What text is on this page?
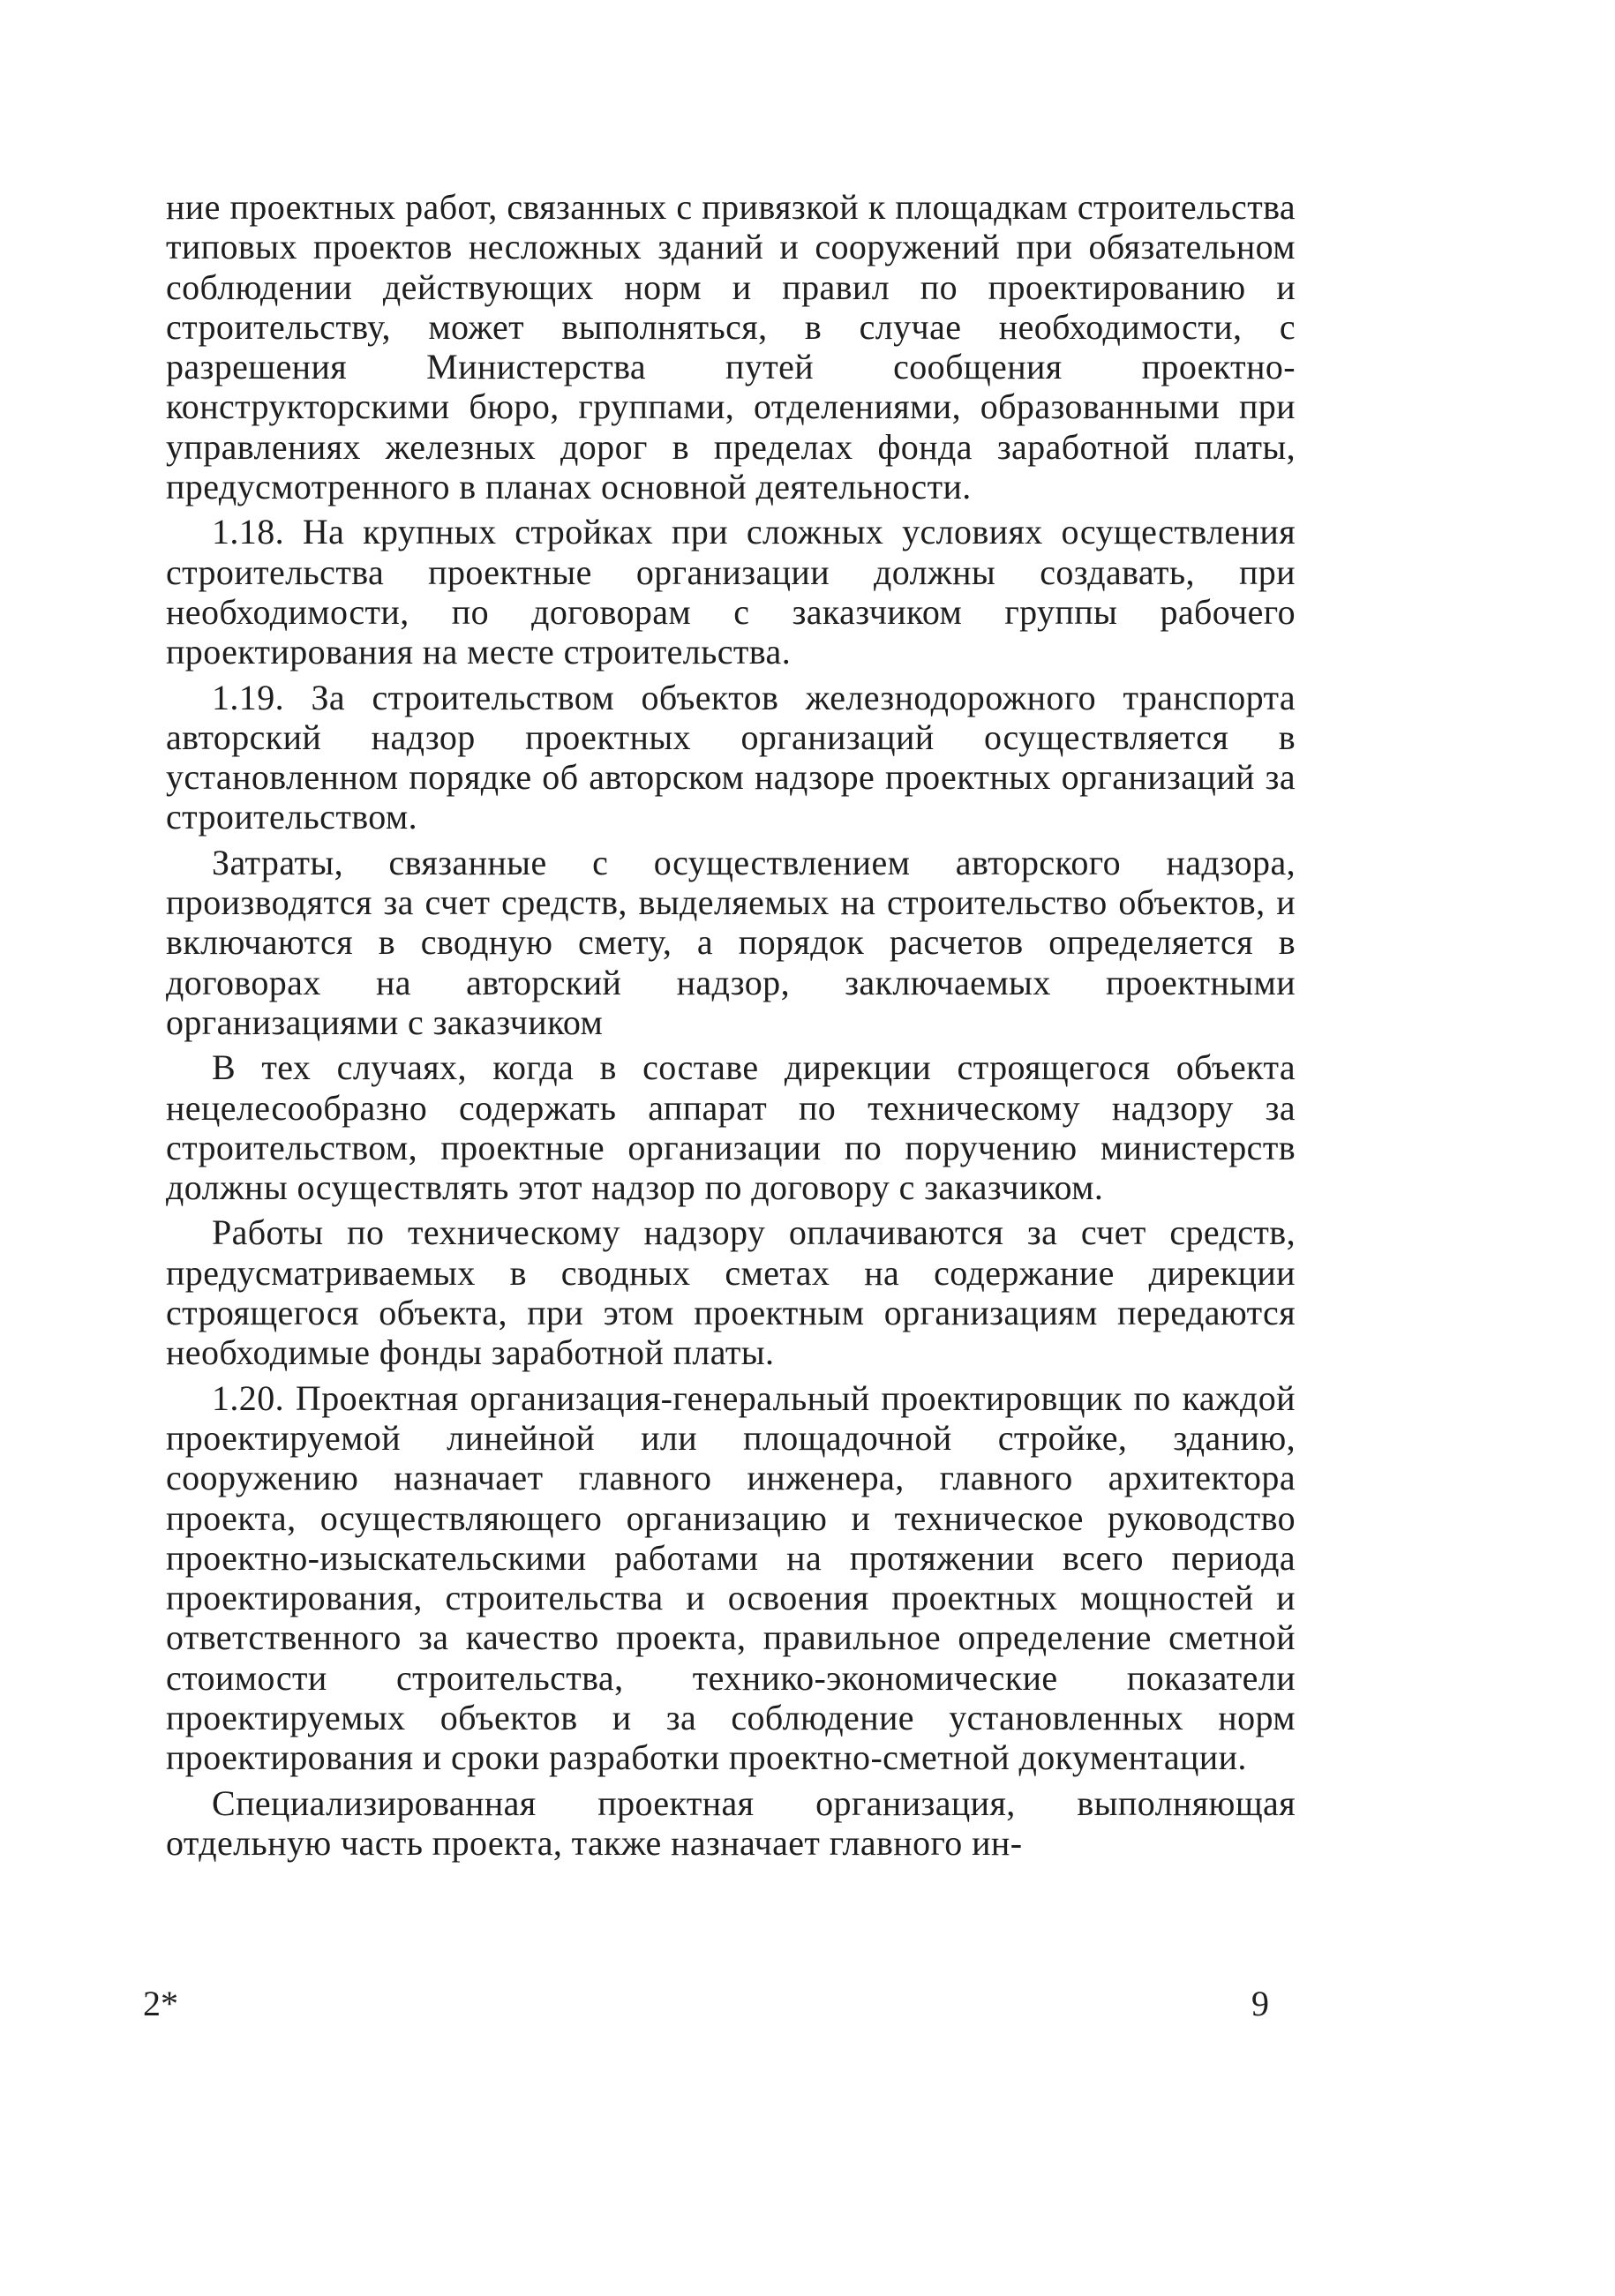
ние проектных работ, связанных с привязкой к площадкам строительства типовых проектов несложных зданий и сооружений при обязательном соблюдении действующих норм и правил по проектированию и строительству, может выполняться, в случае необходимости, с разрешения Министерства путей сообщения проектно-конструкторскими бюро, группами, отделениями, образованными при управлениях железных дорог в пределах фонда заработной платы, предусмотренного в планах основной деятельности.

1.18. На крупных стройках при сложных условиях осуществления строительства проектные организации должны создавать, при необходимости, по договорам с заказчиком группы рабочего проектирования на месте строительства.

1.19. За строительством объектов железнодорожного транспорта авторский надзор проектных организаций осуществляется в установленном порядке об авторском надзоре проектных организаций за строительством.

Затраты, связанные с осуществлением авторского надзора, производятся за счет средств, выделяемых на строительство объектов, и включаются в сводную смету, а порядок расчетов определяется в договорах на авторский надзор, заключаемых проектными организациями с заказчиком

В тех случаях, когда в составе дирекции строящегося объекта нецелесообразно содержать аппарат по техническому надзору за строительством, проектные организации по поручению министерств должны осуществлять этот надзор по договору с заказчиком.

Работы по техническому надзору оплачиваются за счет средств, предусматриваемых в сводных сметах на содержание дирекции строящегося объекта, при этом проектным организациям передаются необходимые фонды заработной платы.

1.20. Проектная организация-генеральный проектировщик по каждой проектируемой линейной или площадочной стройке, зданию, сооружению назначает главного инженера, главного архитектора проекта, осуществляющего организацию и техническое руководство проектно-изыскательскими работами на протяжении всего периода проектирования, строительства и освоения проектных мощностей и ответственного за качество проекта, правильное определение сметной стоимости строительства, технико-экономические показатели проектируемых объектов и за соблюдение установленных норм проектирования и сроки разработки проектно-сметной документации.

Специализированная проектная организация, выполняющая отдельную часть проекта, также назначает главного ин-

2*	9
